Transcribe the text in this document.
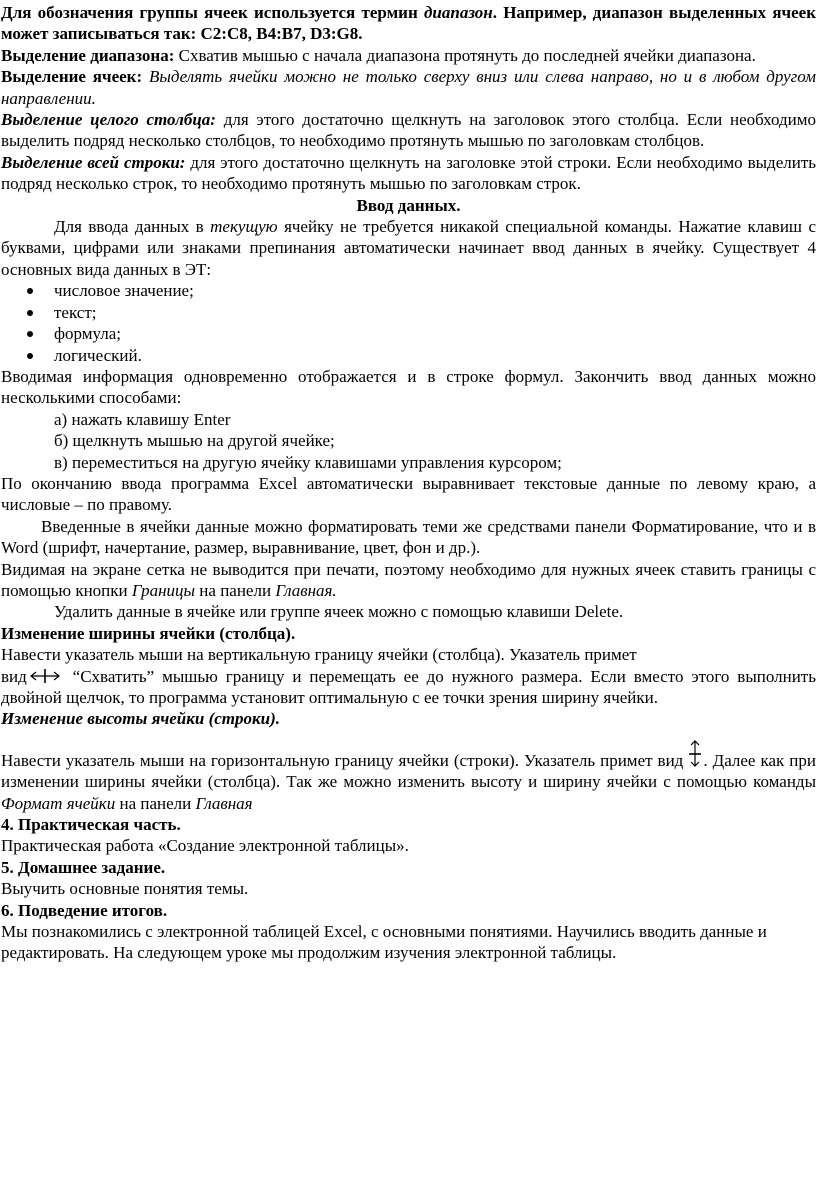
Для обозначения группы ячеек используется термин диапазон. Например, диапазон выделенных ячеек может записываться так: С2:С8, В4:В7, D3:G8.

Выделение диапазона: Схватив мышью с начала диапазона протянуть до последней ячейки диапазона.

Выделение ячеек: Выделять ячейки можно не только сверху вниз или слева направо, но и в любом другом направлении.

Выделение целого столбца: для этого достаточно щелкнуть на заголовок этого столбца. Если необходимо выделить подряд несколько столбцов, то необходимо протянуть мышью по заголовкам столбцов.

Выделение всей строки: для этого достаточно щелкнуть на заголовке этой строки. Если необходимо выделить подряд несколько строк, то необходимо протянуть мышью по заголовкам строк.

Ввод данных.

Для ввода данных в текущую ячейку не требуется никакой специальной команды. Нажатие клавиш с буквами, цифрами или знаками препинания автоматически начинает ввод данных в ячейку. Существует 4 основных вида данных в ЭТ:

числовое значение;
текст;
формула;
логический.

Вводимая информация одновременно отображается и в строке формул. Закончить ввод данных можно несколькими способами:

а) нажать клавишу Enter

б) щелкнуть мышью на другой ячейке;

в) переместиться на другую ячейку клавишами управления курсором;

По окончанию ввода программа Excel автоматически выравнивает текстовые данные по левому краю, а числовые – по правому.

Введенные в ячейки данные можно форматировать теми же средствами панели Форматирование, что и в Word (шрифт, начертание, размер, выравнивание, цвет, фон и др.).

Видимая на экране сетка не выводится при печати, поэтому необходимо для нужных ячеек ставить границы с помощью кнопки Границы на панели Главная.

Удалить данные в ячейке или группе ячеек можно с помощью клавиши Delete.

Изменение ширины ячейки (столбца).

Навести указатель мыши на вертикальную границу ячейки (столбца). Указатель примет
вид “Схватить” мышью границу и перемещать ее до нужного размера. Если вместо этого выполнить двойной щелчок, то программа установит оптимальную с ее точки зрения ширину ячейки.

Изменение высоты ячейки (строки).

Навести указатель мыши на горизонтальную границу ячейки (строки). Указатель примет вид . Далее как при изменении ширины ячейки (столбца). Так же можно изменить высоту и ширину ячейки с помощью команды Формат ячейки на панели Главная

4. Практическая часть.

Практическая работа «Создание электронной таблицы».

5. Домашнее задание.

Выучить основные понятия темы.

6. Подведение итогов.

Мы познакомились с электронной таблицей Excel, с основными понятиями. Научились вводить данные и редактировать. На следующем уроке мы продолжим изучения электронной таблицы.
